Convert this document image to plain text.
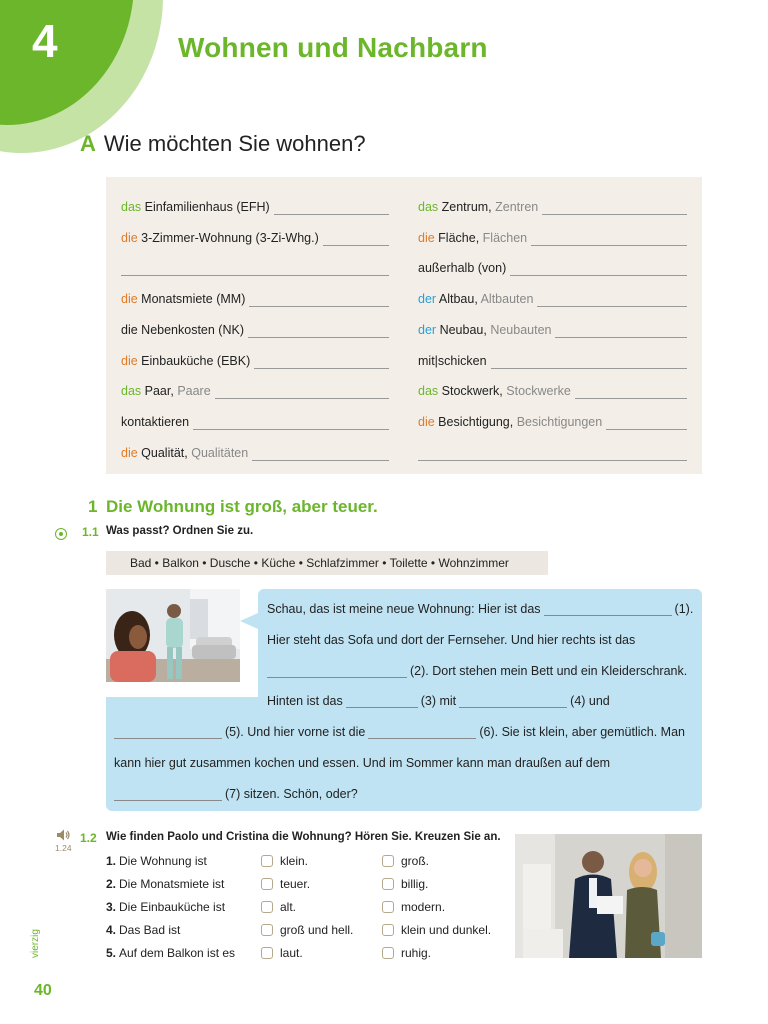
4	Wohnen und Nachbarn
A Wie möchten Sie wohnen?
das Einfamilienhaus (EFH)
die 3-Zimmer-Wohnung (3-Zi-Whg.)
die Monatsmiete (MM)
die Nebenkosten (NK)
die Einbauküche (EBK)
das Paar, Paare
kontaktieren
die Qualität, Qualitäten
das Zentrum, Zentren
die Fläche, Flächen
außerhalb (von)
der Altbau, Altbauten
der Neubau, Neubauten
mit|schicken
das Stockwerk, Stockwerke
die Besichtigung, Besichtigungen
1 Die Wohnung ist groß, aber teuer.
1.1 Was passt? Ordnen Sie zu.
Bad • Balkon • Dusche • Küche • Schlafzimmer • Toilette • Wohnzimmer
Schau, das ist meine neue Wohnung: Hier ist das	(1).
Hier steht das Sofa und dort der Fernseher. Und hier rechts ist das
(2). Dort stehen mein Bett und ein Kleiderschrank.
Hinten ist das	(3) mit	(4) und
(5). Und hier vorne ist die	(6). Sie ist klein, aber gemütlich. Man
kann hier gut zusammen kochen und essen. Und im Sommer kann man draußen auf dem
(7) sitzen. Schön, oder?
1.24
1.2 Wie finden Paolo und Cristina die Wohnung? Hören Sie. Kreuzen Sie an.
1. Die Wohnung ist	klein.	groß.
2. Die Monatsmiete ist	teuer.	billig.
3. Die Einbauküche ist	alt.	modern.
4. Das Bad ist	groß und hell.	klein und dunkel.
5. Auf dem Balkon ist es	laut.	ruhig.
vierzig
40
